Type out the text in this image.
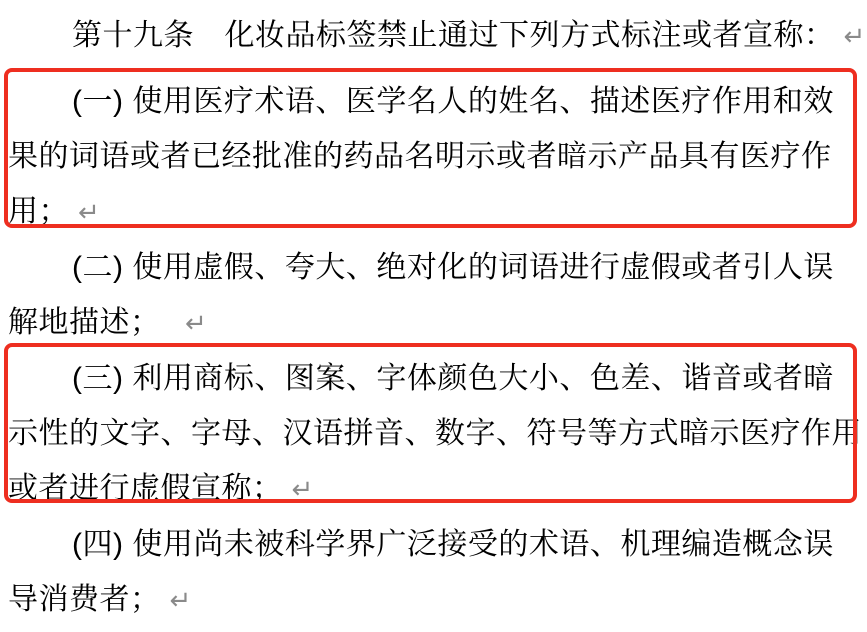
第十九条　化妆品标签禁止通过下列方式标注或者宣称： ↵
(一) 使用医疗术语、医学名人的姓名、描述医疗作用和效
果的词语或者已经批准的药品名明示或者暗示产品具有医疗作
用； ↵
(二) 使用虚假、夸大、绝对化的词语进行虚假或者引人误
解地描述；　↵
(三) 利用商标、图案、字体颜色大小、色差、谐音或者暗
示性的文字、字母、汉语拼音、数字、符号等方式暗示医疗作用
或者进行虚假宣称； ↵
(四) 使用尚未被科学界广泛接受的术语、机理编造概念误
导消费者； ↵
